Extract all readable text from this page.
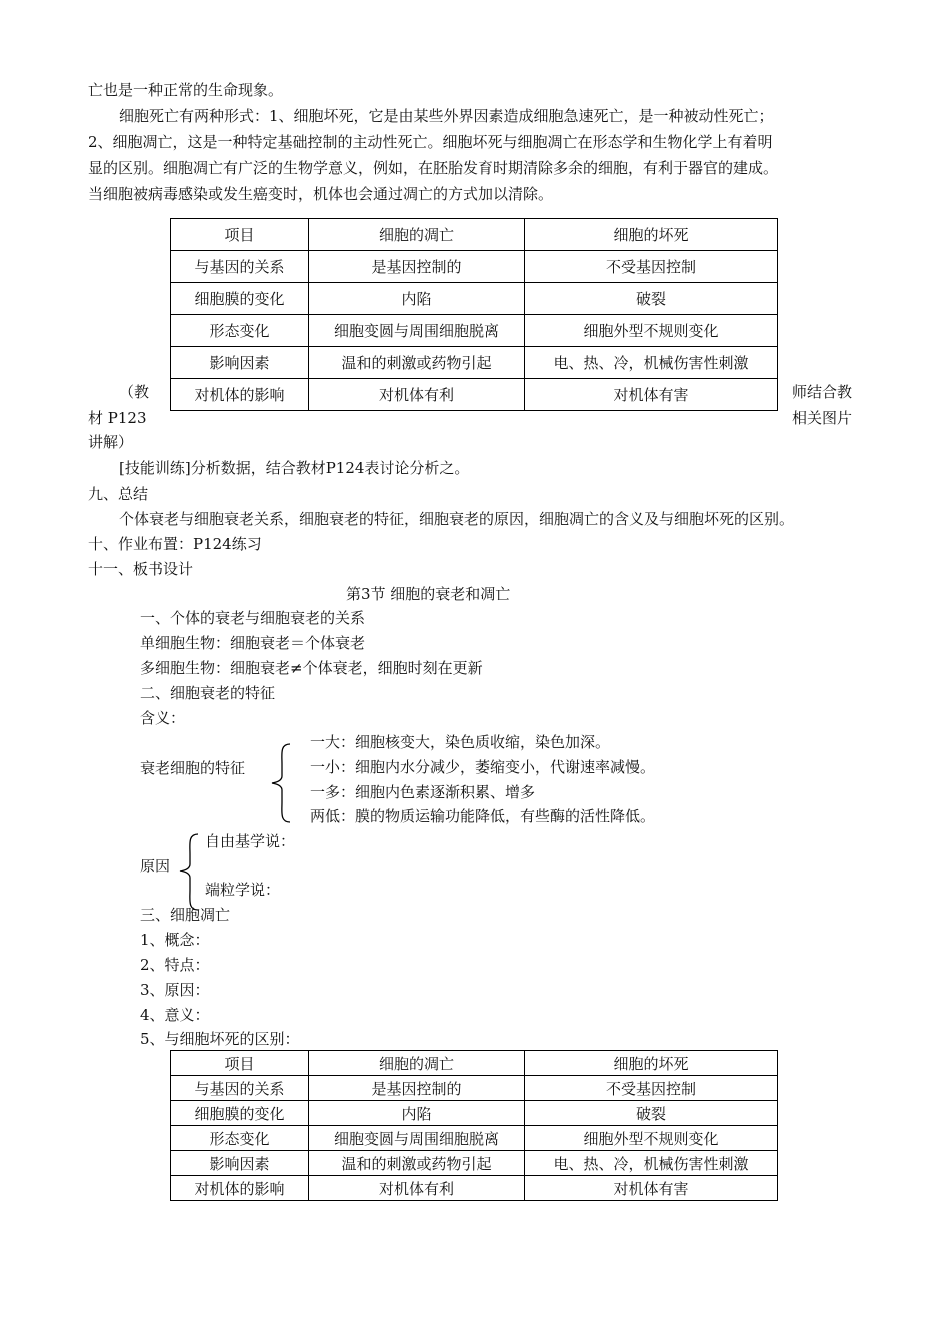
亡也是一种正常的生命现象。
细胞死亡有两种形式：1、细胞坏死，它是由某些外界因素造成细胞急速死亡，是一种被动性死亡；
2、细胞凋亡，这是一种特定基础控制的主动性死亡。细胞坏死与细胞凋亡在形态学和生物化学上有着明
显的区别。细胞凋亡有广泛的生物学意义，例如，在胚胎发育时期清除多余的细胞，有利于器官的建成。
当细胞被病毒感染或发生癌变时，机体也会通过凋亡的方式加以清除。
项目	细胞的凋亡	细胞的坏死
与基因的关系	是基因控制的	不受基因控制
细胞膜的变化	内陷	破裂
形态变化	细胞变圆与周围细胞脱离	细胞外型不规则变化
影响因素	温和的刺激或药物引起	电、热、冷，机械伤害性刺激
对机体的影响	对机体有利	对机体有害
（教
材 P123
讲解）
师结合教
相关图片
[技能训练]分析数据，结合教材P124表讨论分析之。
九、总结
个体衰老与细胞衰老关系，细胞衰老的特征，细胞衰老的原因，细胞凋亡的含义及与细胞坏死的区别。
十、作业布置：P124练习
十一、板书设计
第3节 细胞的衰老和凋亡
一、个体的衰老与细胞衰老的关系
单细胞生物：细胞衰老＝个体衰老
多细胞生物：细胞衰老≠个体衰老，细胞时刻在更新
二、细胞衰老的特征
含义：
衰老细胞的特征
一大：细胞核变大，染色质收缩，染色加深。
一小：细胞内水分减少，萎缩变小，代谢速率减慢。
一多：细胞内色素逐渐积累、增多
两低：膜的物质运输功能降低，有些酶的活性降低。
原因
自由基学说：
端粒学说：
三、细胞凋亡
1、概念：
2、特点：
3、原因：
4、意义：
5、与细胞坏死的区别：
项目	细胞的凋亡	细胞的坏死
与基因的关系	是基因控制的	不受基因控制
细胞膜的变化	内陷	破裂
形态变化	细胞变圆与周围细胞脱离	细胞外型不规则变化
影响因素	温和的刺激或药物引起	电、热、冷，机械伤害性刺激
对机体的影响	对机体有利	对机体有害
